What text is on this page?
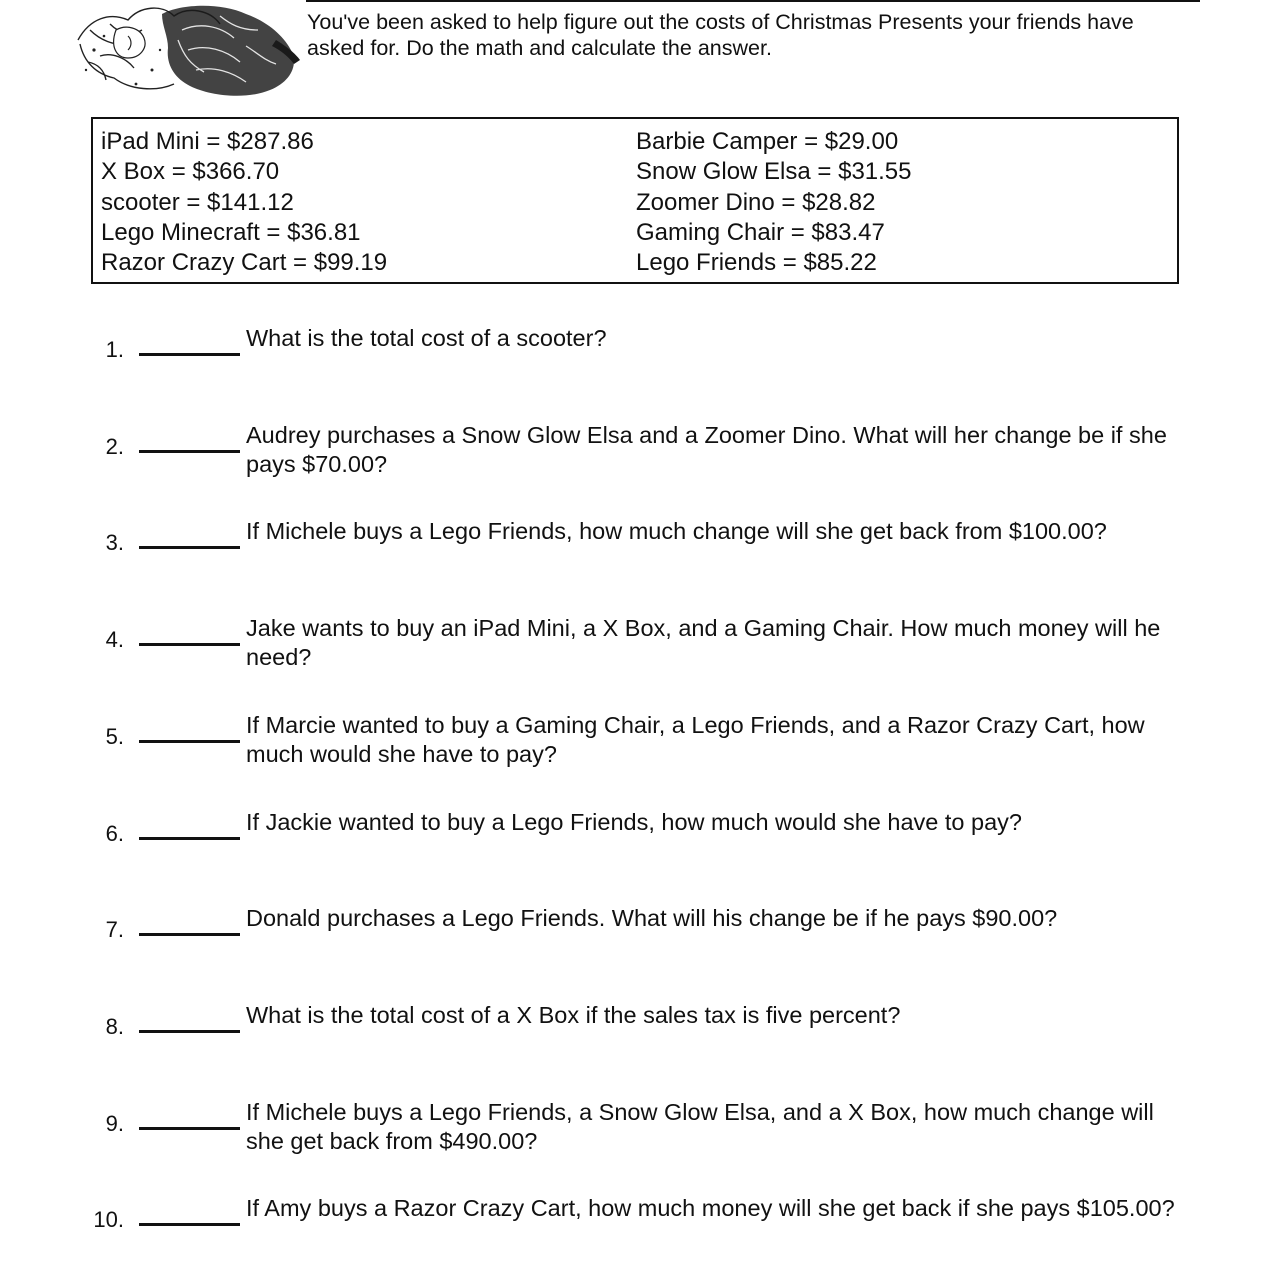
You've been asked to help figure out the costs of Christmas Presents your friends have asked for. Do the math and calculate the answer.
iPad Mini = $287.86
X Box = $366.70
scooter = $141.12
Lego Minecraft = $36.81
Razor Crazy Cart = $99.19
Barbie Camper = $29.00
Snow Glow Elsa = $31.55
Zoomer Dino = $28.82
Gaming Chair = $83.47
Lego Friends = $85.22
1.	What is the total cost of a scooter?
2.	Audrey purchases a Snow Glow Elsa and a Zoomer Dino. What will her change be if she pays $70.00?
3.	If Michele buys a Lego Friends, how much change will she get back from $100.00?
4.	Jake wants to buy an iPad Mini, a X Box, and a Gaming Chair. How much money will he need?
5.	If Marcie wanted to buy a Gaming Chair, a Lego Friends, and a Razor Crazy Cart, how much would she have to pay?
6.	If Jackie wanted to buy a Lego Friends, how much would she have to pay?
7.	Donald purchases a Lego Friends. What will his change be if he pays $90.00?
8.	What is the total cost of a X Box if the sales tax is five percent?
9.	If Michele buys a Lego Friends, a Snow Glow Elsa, and a X Box, how much change will she get back from $490.00?
10.	If Amy buys a Razor Crazy Cart, how much money will she get back if she pays $105.00?
